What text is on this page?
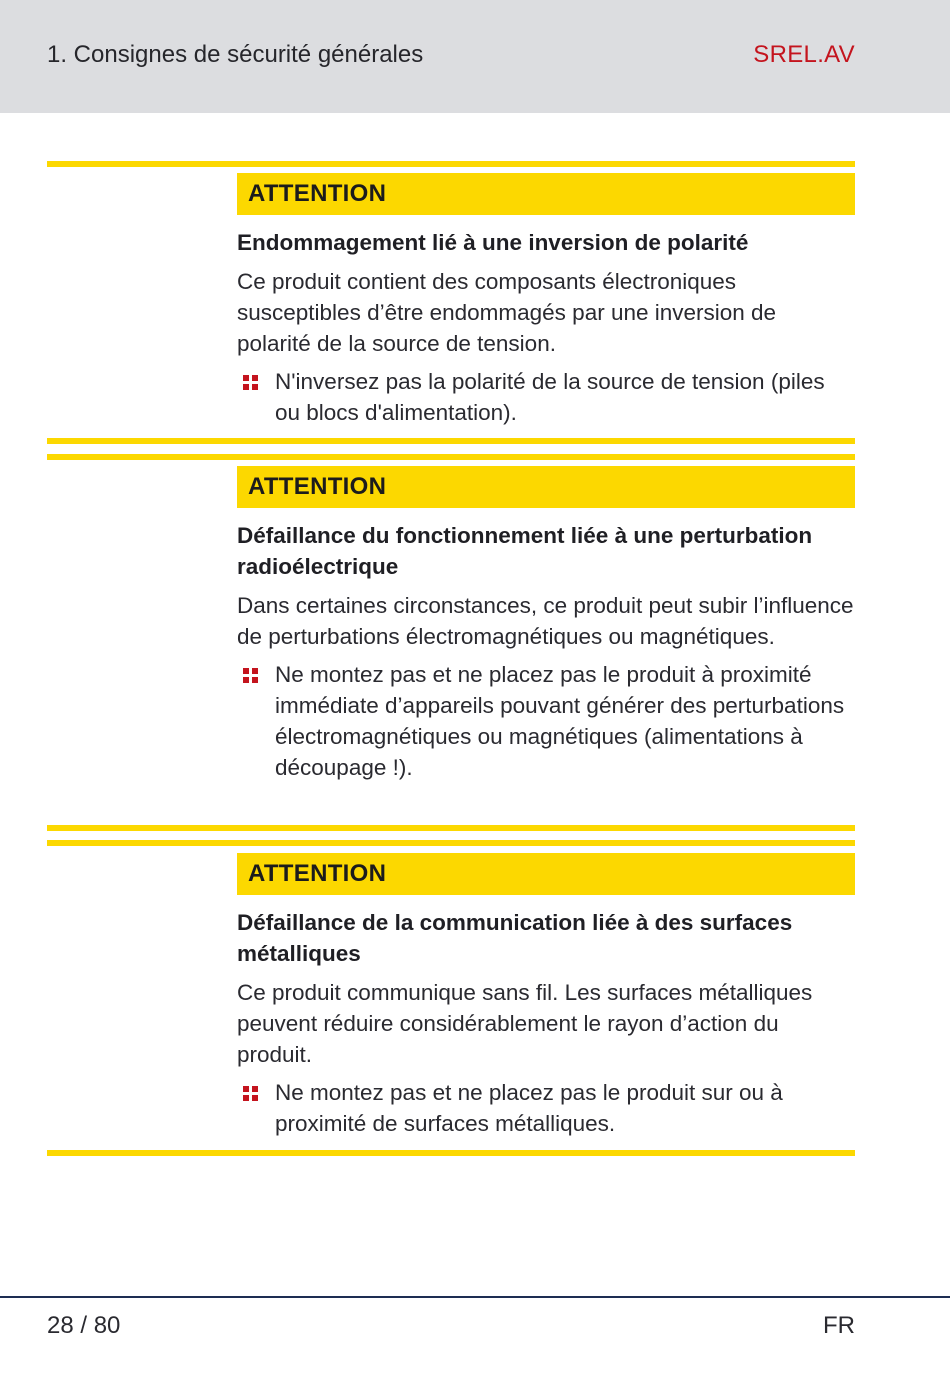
1. Consignes de sécurité générales	SREL.AV
ATTENTION
Endommagement lié à une inversion de polarité
Ce produit contient des composants électroniques susceptibles d’être endommagés par une inversion de polarité de la source de tension.
N'inversez pas la polarité de la source de tension (piles ou blocs d'alimentation).
ATTENTION
Défaillance du fonctionnement liée à une perturbation radioélectrique
Dans certaines circonstances, ce produit peut subir l’influence de perturbations électromagnétiques ou magnétiques.
Ne montez pas et ne placez pas le produit à proximité immédiate d’appareils pouvant générer des perturbations électromagnétiques ou magnétiques (alimentations à découpage !).
ATTENTION
Défaillance de la communication liée à des surfaces métalliques
Ce produit communique sans fil. Les surfaces métalliques peuvent réduire considérablement le rayon d’action du produit.
Ne montez pas et ne placez pas le produit sur ou à proximité de surfaces métalliques.
28 / 80	FR
